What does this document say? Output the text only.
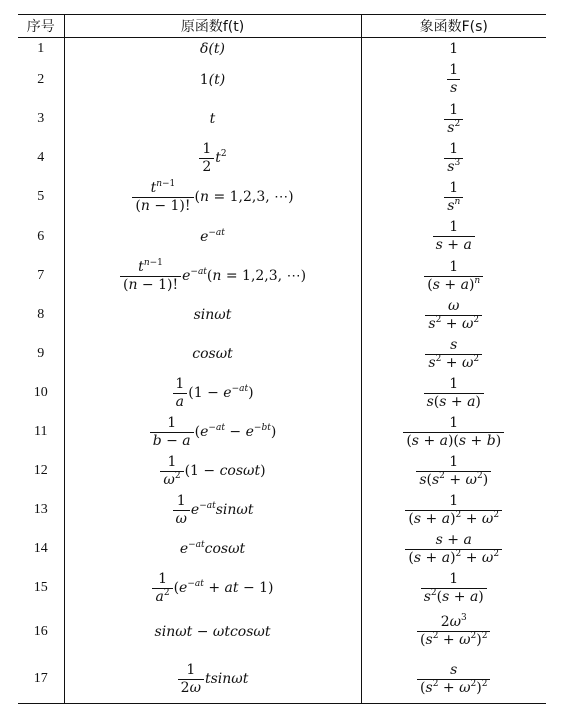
序号	原函数f(t)	象函数F(s)
1	δ(t)	1
2	1(t)	$\frac{1}{s}$

3	t	$\frac{1}{s^2}$

4	$\frac{1}{2} t^2$	$\frac{1}{s^3}$

5	$\frac{t^{n-1}}{(n - 1)!} (n = 1,2,3$, ⋯)	$\frac{1}{s^n}$

6	$e^{-at}$	$\frac{1}{s + a}$

7	$\frac{t^{n-1}}{(n - 1)!} e^{-at}(n = 1,2,3$, ⋯)	$\frac{1}{(s + a)^n}$

8	sinωt	$\frac{\omega}{s^2 + \omega^2}$

9	cosωt	$\frac{s}{s^2 + \omega^2}$

10	$\frac{1}{a} (1 - e^{-at})$	$\frac{1}{s(s + a)}$

11	$\frac{1}{b - a} (e^{-at} - e^{-bt})$	$\frac{1}{(s + a)(s + b)}$

12	$\frac{1}{\omega^2} (1 - \cos\omega t)$	$\frac{1}{s(s^2 + \omega^2)}$

13	$\frac{1}{\omega} e^{-at}\sin\omega t$	$\frac{1}{(s + a)^2 + \omega^2}$

14	$e^{-at}\cos\omega t$	$\frac{s + a}{(s + a)^2 + \omega^2}$

15	$\frac{1}{a^2} (e^{-at}$ + at − 1)	$\frac{1}{s^2(s + a)}$

16	sinωt − ωtcosωt	$\frac{2\omega^3}{(s^2 + \omega^2)^2}$

17	$\frac{1}{2\omega}$ tsinωt	$\frac{s}{(s^2 + \omega^2)^2}$
